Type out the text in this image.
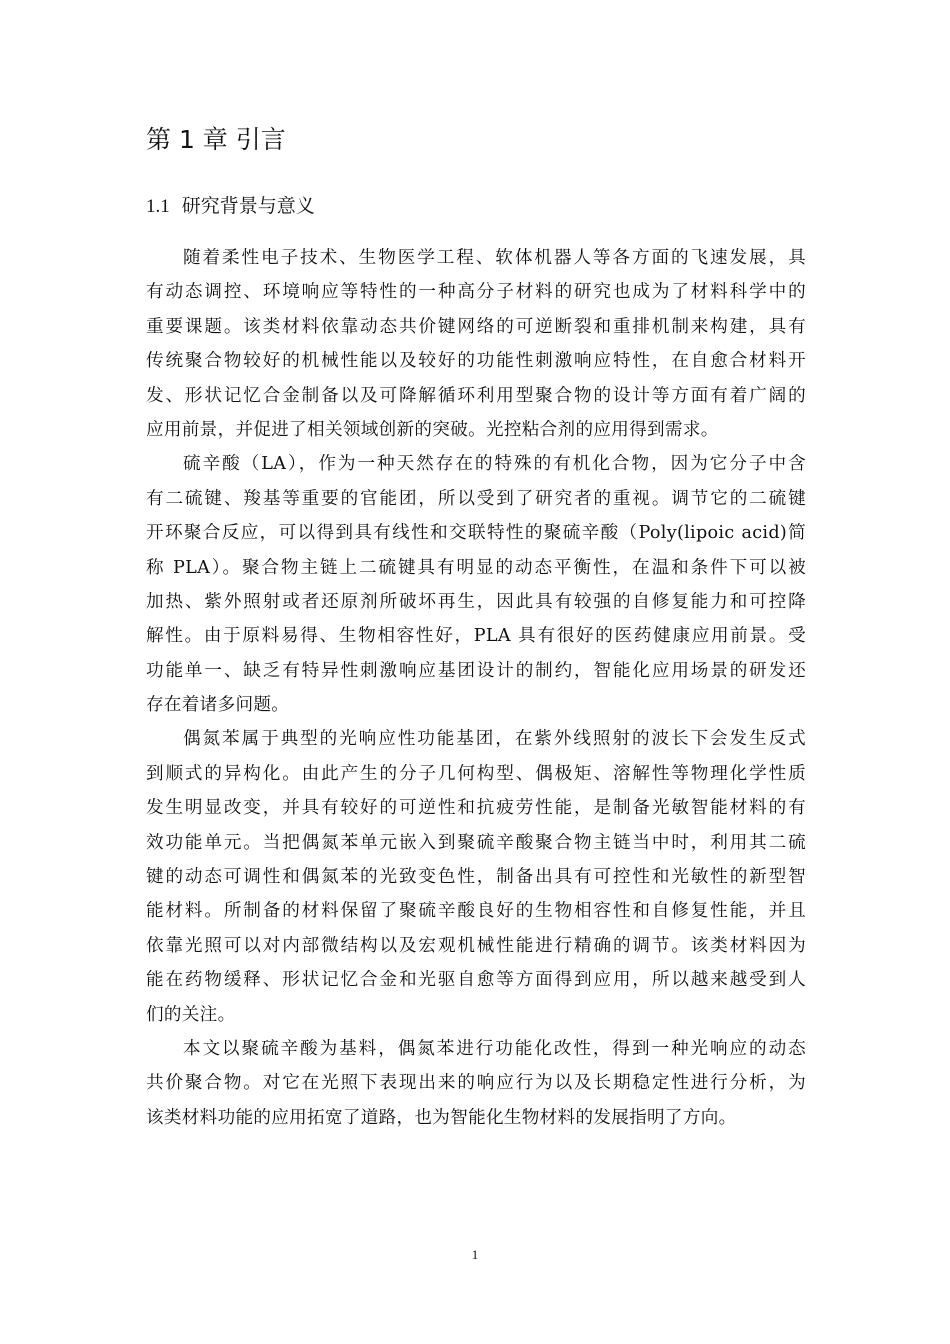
第 1 章 引言
1.1 研究背景与意义

随着柔性电子技术、生物医学工程、软体机器人等各方面的飞速发展，具
有动态调控、环境响应等特性的一种高分子材料的研究也成为了材料科学中的
重要课题。该类材料依靠动态共价键网络的可逆断裂和重排机制来构建，具有
传统聚合物较好的机械性能以及较好的功能性刺激响应特性，在自愈合材料开
发、形状记忆合金制备以及可降解循环利用型聚合物的设计等方面有着广阔的
应用前景，并促进了相关领域创新的突破。光控粘合剂的应用得到需求。

硫辛酸（LA），作为一种天然存在的特殊的有机化合物，因为它分子中含
有二硫键、羧基等重要的官能团，所以受到了研究者的重视。调节它的二硫键
开环聚合反应，可以得到具有线性和交联特性的聚硫辛酸（Poly(lipoic acid)简
称 PLA）。聚合物主链上二硫键具有明显的动态平衡性，在温和条件下可以被
加热、紫外照射或者还原剂所破坏再生，因此具有较强的自修复能力和可控降
解性。由于原料易得、生物相容性好，PLA 具有很好的医药健康应用前景。受
功能单一、缺乏有特异性刺激响应基团设计的制约，智能化应用场景的研发还
存在着诸多问题。

偶氮苯属于典型的光响应性功能基团，在紫外线照射的波长下会发生反式
到顺式的异构化。由此产生的分子几何构型、偶极矩、溶解性等物理化学性质
发生明显改变，并具有较好的可逆性和抗疲劳性能，是制备光敏智能材料的有
效功能单元。当把偶氮苯单元嵌入到聚硫辛酸聚合物主链当中时，利用其二硫
键的动态可调性和偶氮苯的光致变色性，制备出具有可控性和光敏性的新型智
能材料。所制备的材料保留了聚硫辛酸良好的生物相容性和自修复性能，并且
依靠光照可以对内部微结构以及宏观机械性能进行精确的调节。该类材料因为
能在药物缓释、形状记忆合金和光驱自愈等方面得到应用，所以越来越受到人
们的关注。

本文以聚硫辛酸为基料，偶氮苯进行功能化改性，得到一种光响应的动态
共价聚合物。对它在光照下表现出来的响应行为以及长期稳定性进行分析，为
该类材料功能的应用拓宽了道路，也为智能化生物材料的发展指明了方向。

1
